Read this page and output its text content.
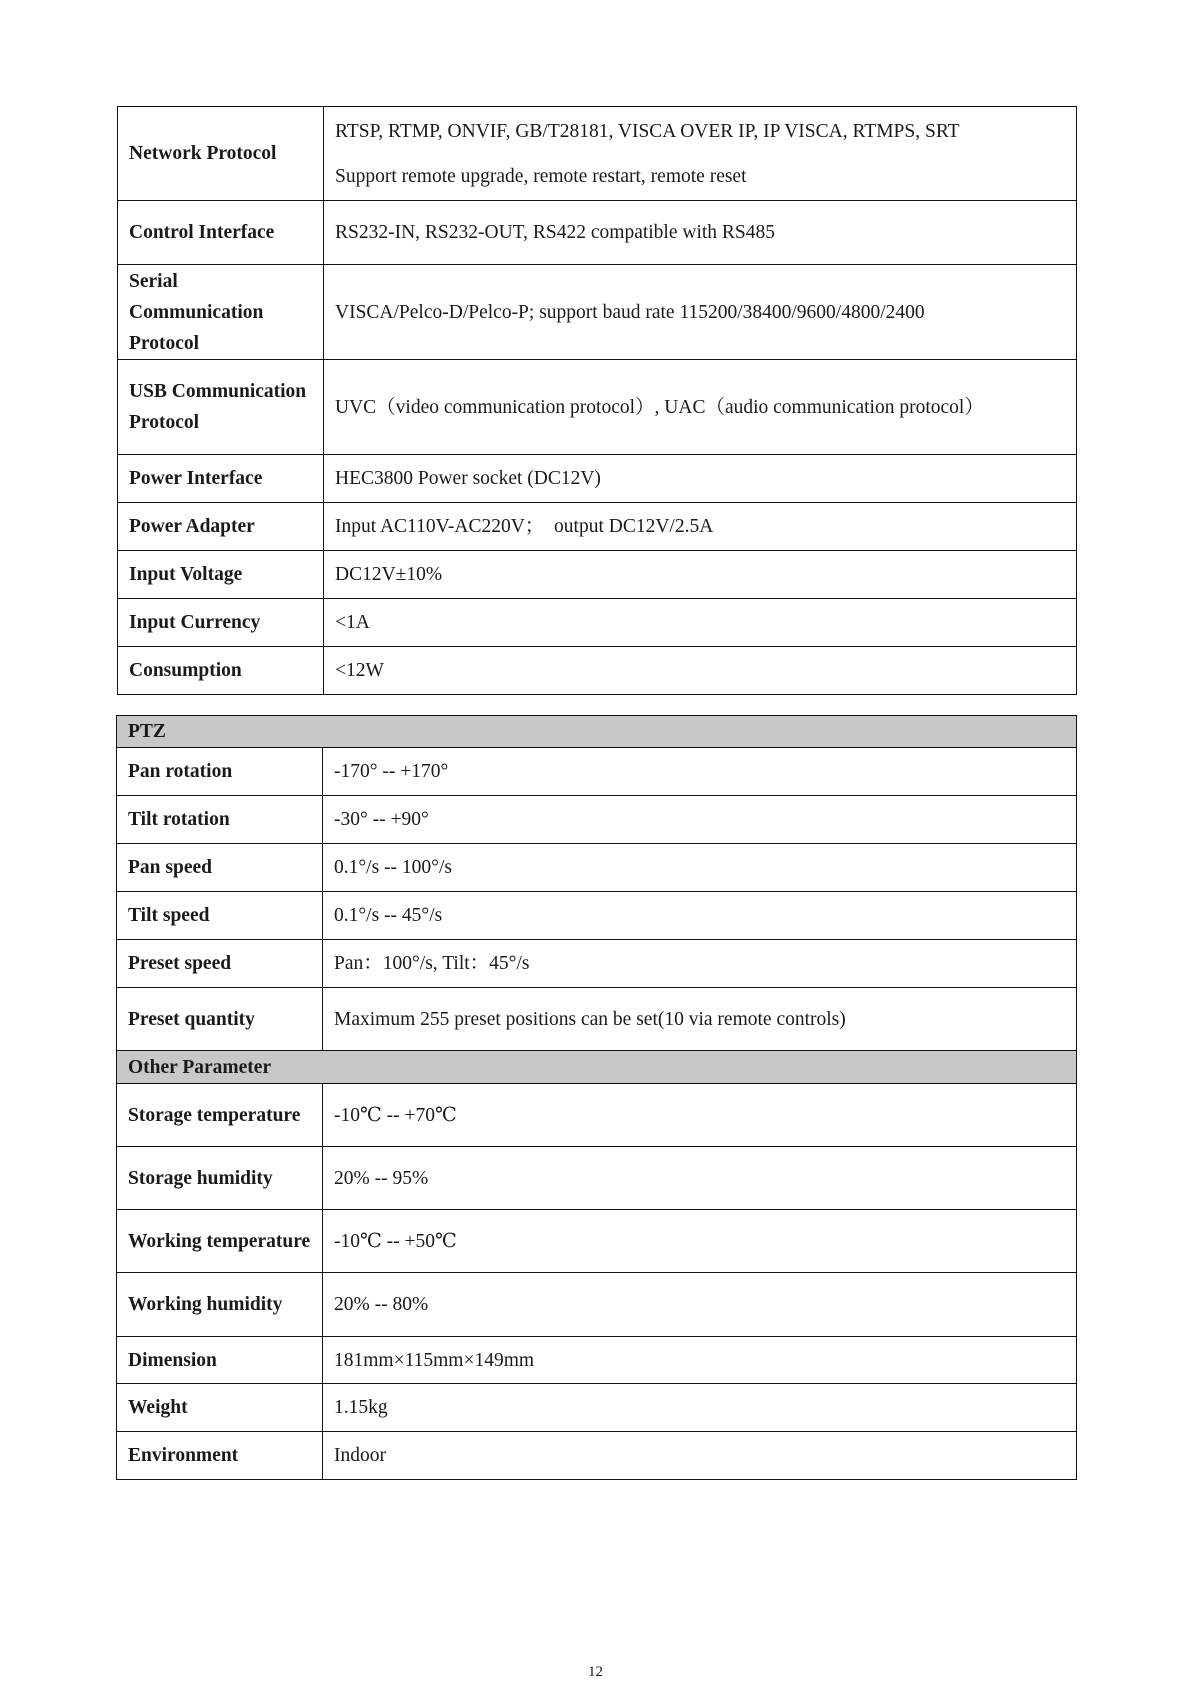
Network Protocol	RTSP, RTMP, ONVIF, GB/T28181, VISCA OVER IP, IP VISCA, RTMPS, SRT
Support remote upgrade, remote restart, remote reset

Control Interface	RS232-IN, RS232-OUT, RS422 compatible with RS485
Serial Communication Protocol	VISCA/Pelco-D/Pelco-P; support baud rate 115200/38400/9600/4800/2400
USB Communication Protocol	UVC（video communication protocol）, UAC（audio communication protocol）
Power Interface	HEC3800 Power socket (DC12V)
Power Adapter	Input AC110V-AC220V；  output DC12V/2.5A
Input Voltage	DC12V±10%
Input Currency	<1A
Consumption	<12W
PTZ	
Pan rotation	-170° -- +170°
Tilt rotation	-30° -- +90°
Pan speed	0.1°/s -- 100°/s
Tilt speed	0.1°/s -- 45°/s
Preset speed	Pan：100°/s, Tilt：45°/s
Preset quantity	Maximum 255 preset positions can be set(10 via remote controls)
Other Parameter	
Storage temperature	-10℃ -- +70℃
Storage humidity	20% -- 95%
Working temperature	-10℃ -- +50℃
Working humidity	20% -- 80%
Dimension	181mm×115mm×149mm
Weight	1.15kg
Environment	Indoor
12
